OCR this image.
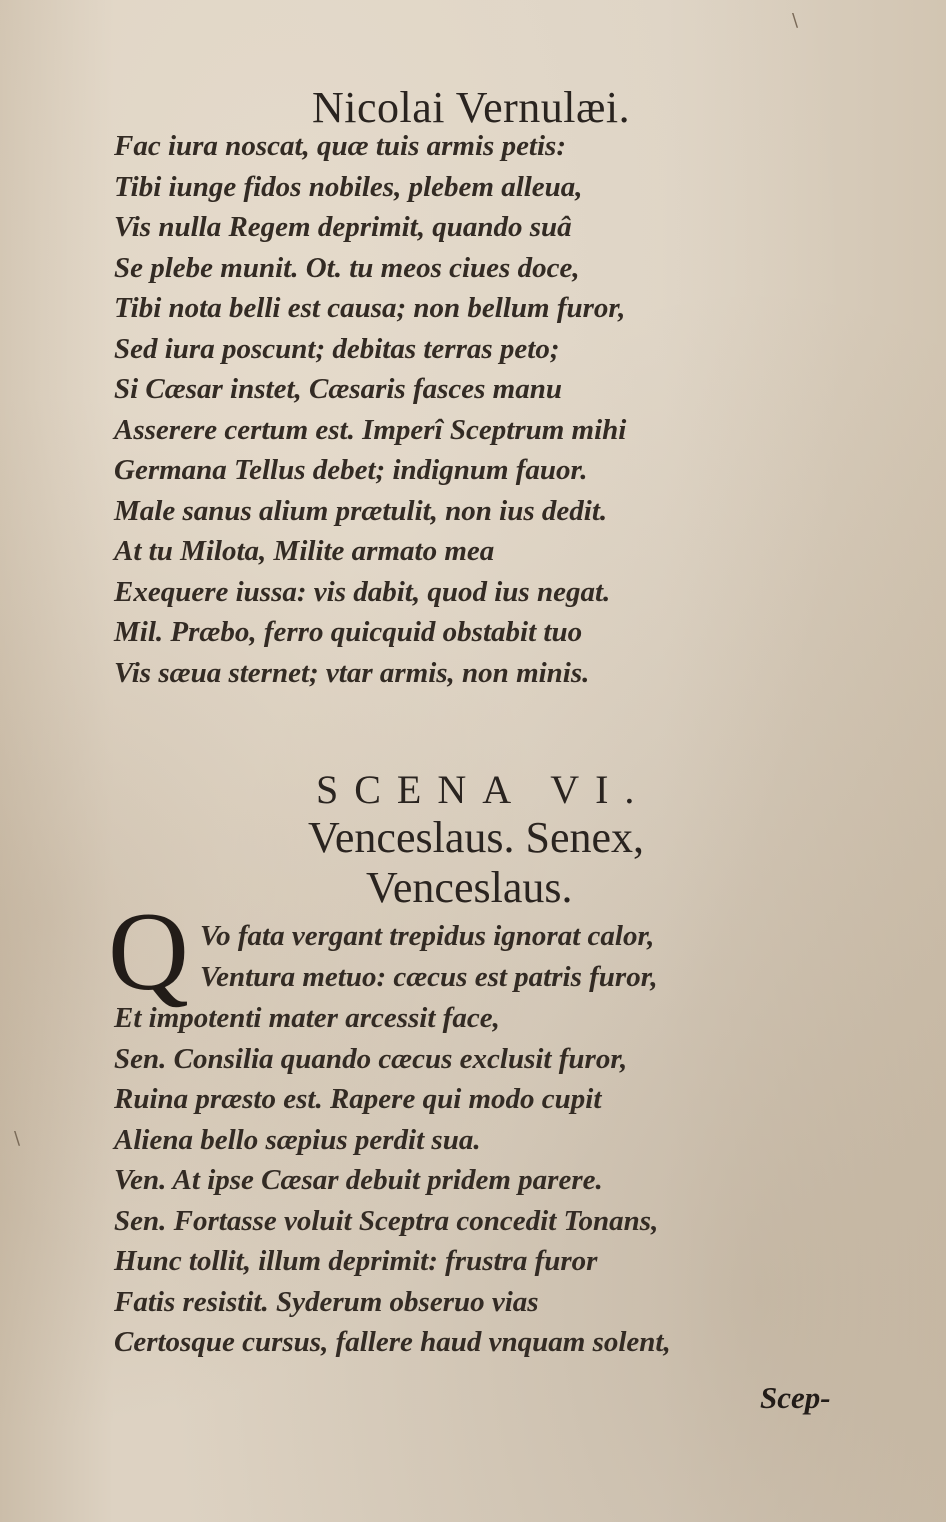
Nicolai Vernulæi.
Fac iura noscat, quæ tuis armis petis:
Tibi iunge fidos nobiles, plebem alleua,
Vis nulla Regem deprimit, quando suâ
Se plebe munit. Ot. tu meos ciues doce,
Tibi nota belli est causa; non bellum furor,
Sed iura poscunt; debitas terras peto;
Si Cæsar instet, Cæsaris fasces manu
Asserere certum est. Imperî Sceptrum mihi
Germana Tellus debet; indignum fauor.
Male sanus alium prætulit, non ius dedit.
At tu Milota, Milite armato mea
Exequere iussa: vis dabit, quod ius negat.
Mil. Præbo, ferro quicquid obstabit tuo
Vis sæua sternet; vtar armis, non minis.
SCENA VI.
Venceslaus. Senex,
Venceslaus.
Q Vo fata vergant trepidus ignorat calor,
Ventura metuo: cæcus est patris furor,
Et impotenti mater arcessit face,
Sen. Consilia quando cæcus exclusit furor,
Ruina præsto est. Rapere qui modo cupit
Aliena bello sæpius perdit sua.
Ven. At ipse Cæsar debuit pridem parere.
Sen. Fortasse voluit Sceptra concedit Tonans,
Hunc tollit, illum deprimit: frustra furor
Fatis resistit. Syderum obseruo vias
Certosque cursus, fallere haud vnquam solent,
Scep-
\
\
